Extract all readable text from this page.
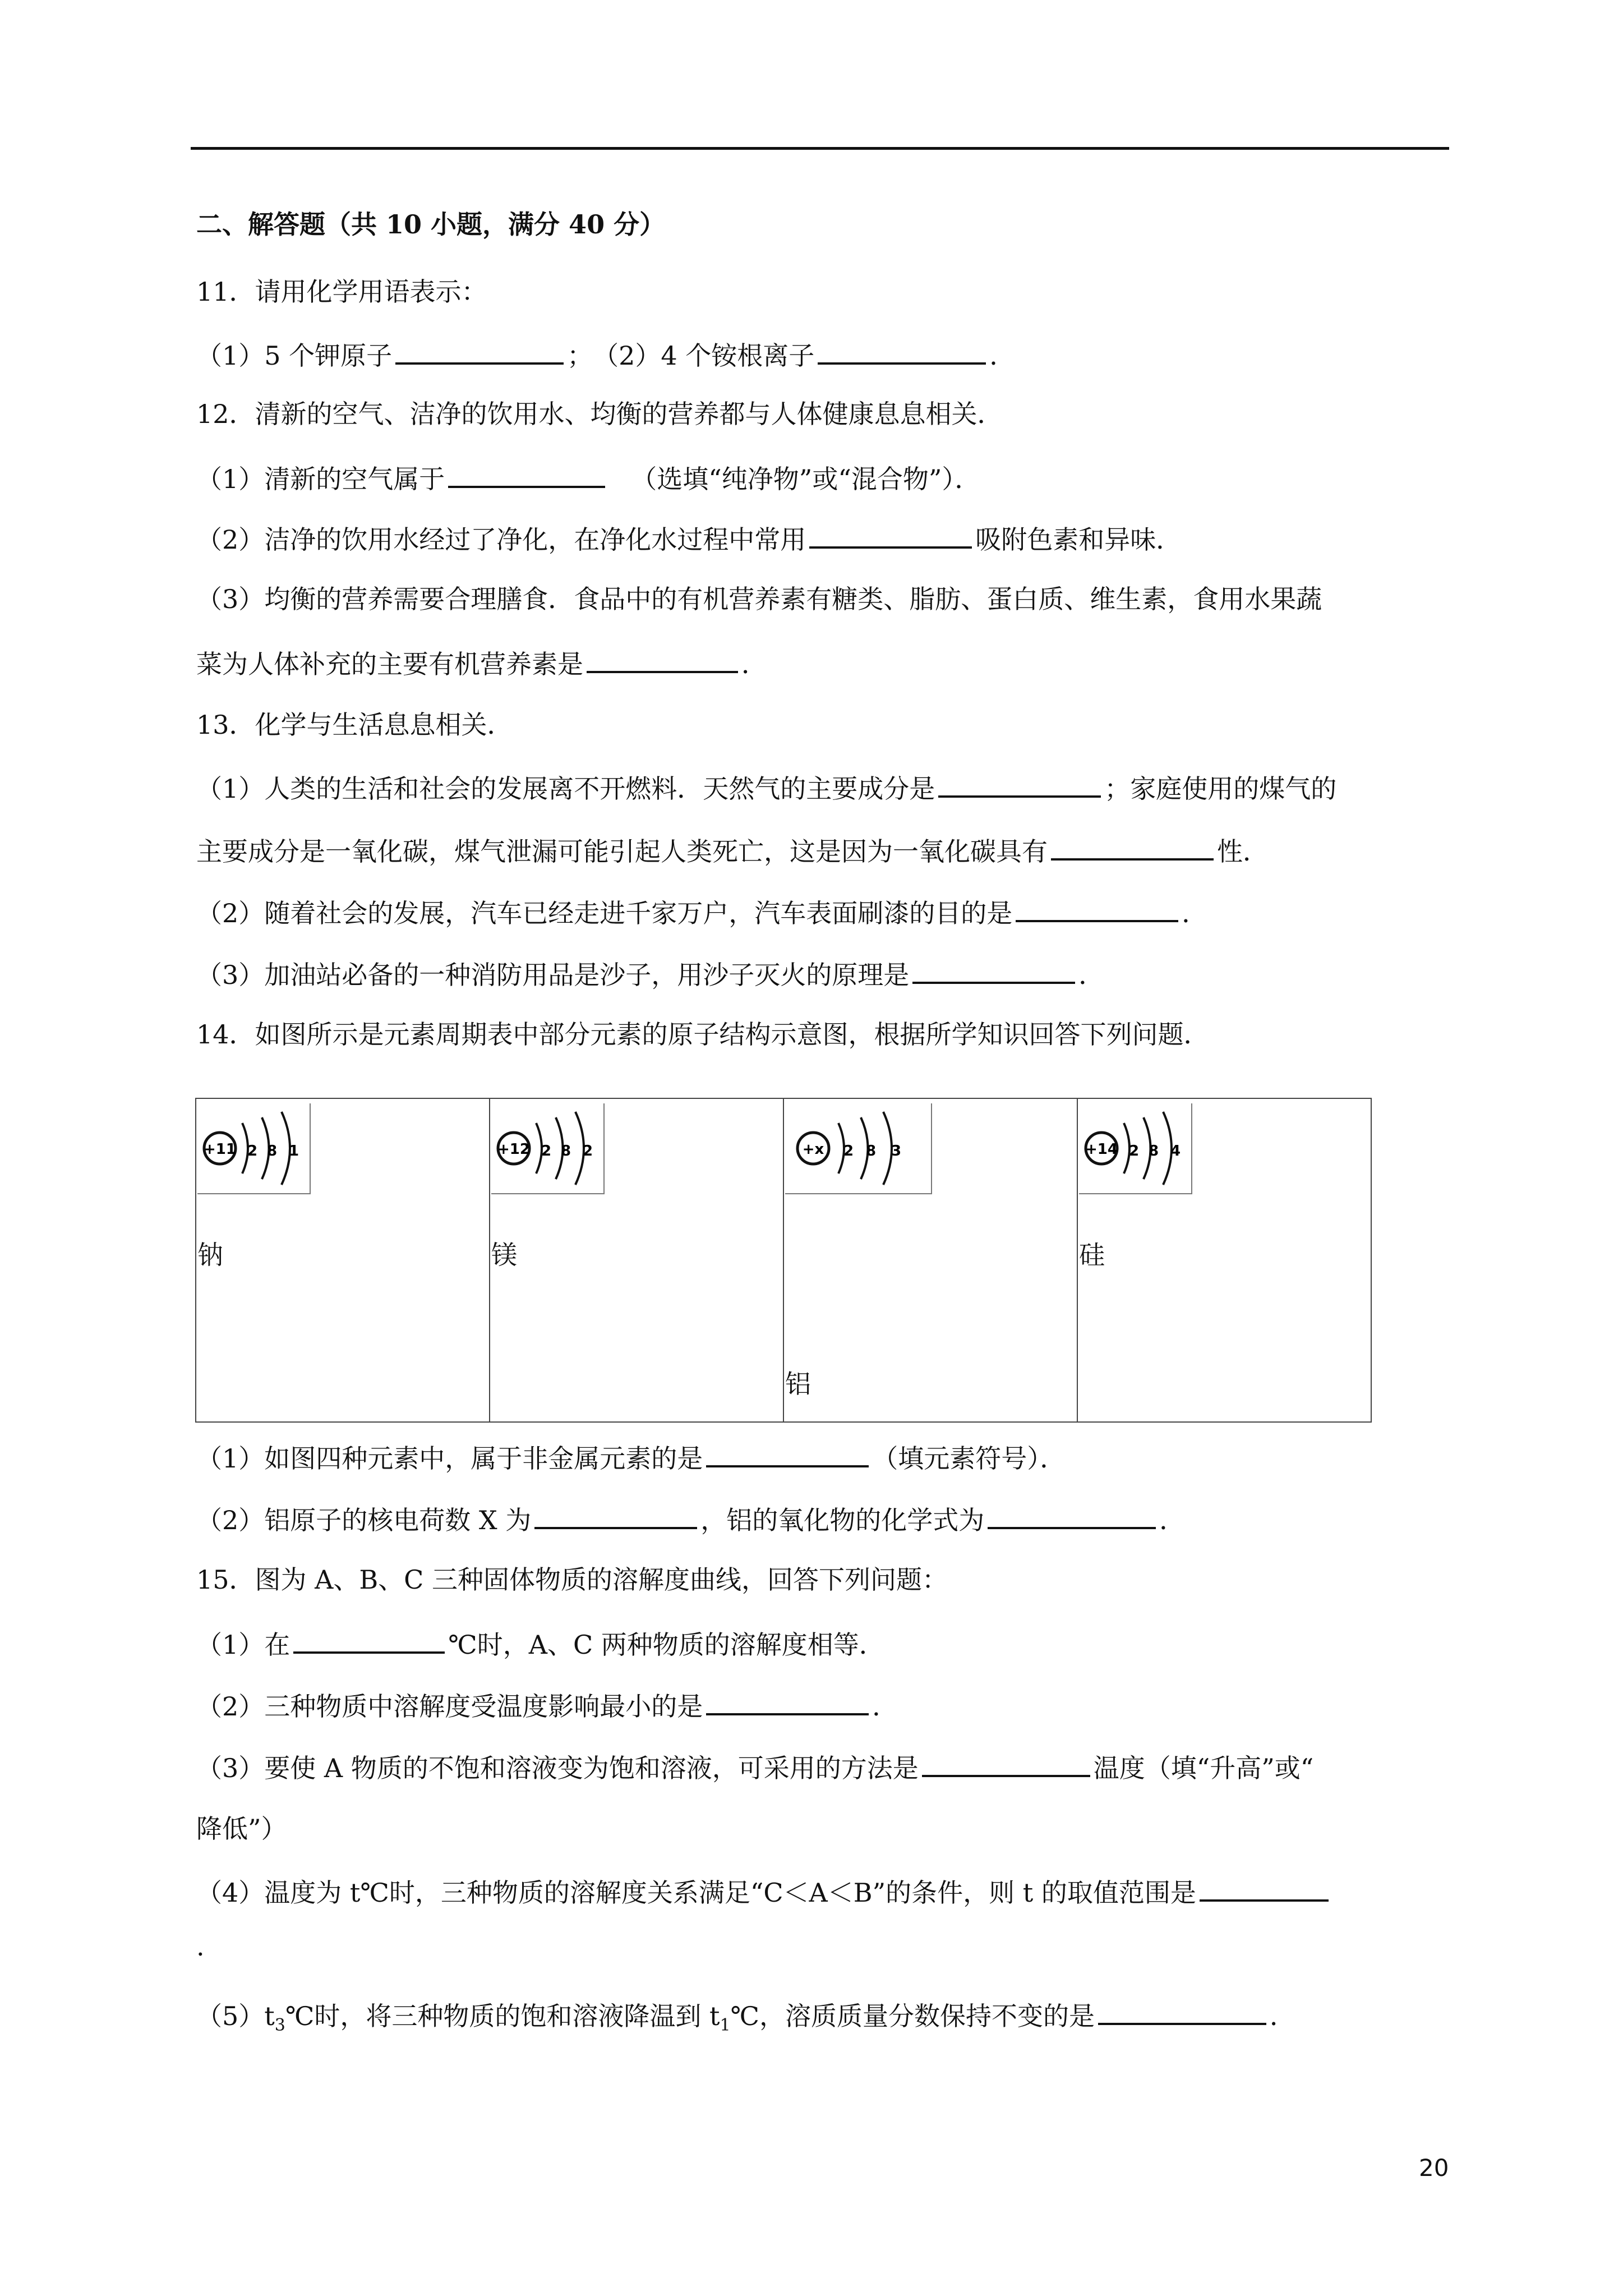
二、解答题（共 10 小题，满分 40 分）
11．请用化学用语表示：
（1）5 个钾原子	；　（2）4 个铵根离子	．
12．清新的空气、洁净的饮用水、均衡的营养都与人体健康息息相关．
（1）清新的空气属于	（选填“纯净物”或“混合物”）．
（2）洁净的饮用水经过了净化，在净化水过程中常用	吸附色素和异味．
（3）均衡的营养需要合理膳食．食品中的有机营养素有糖类、脂肪、蛋白质、维生素，食用水果蔬
菜为人体补充的主要有机营养素是	．
13．化学与生活息息相关．
（1）人类的生活和社会的发展离不开燃料．天然气的主要成分是	；家庭使用的煤气的
主要成分是一氧化碳，煤气泄漏可能引起人类死亡，这是因为一氧化碳具有	性．
（2）随着社会的发展，汽车已经走进千家万户，汽车表面刷漆的目的是	．
（3）加油站必备的一种消防用品是沙子，用沙子灭火的原理是	．
14．如图所示是元素周期表中部分元素的原子结构示意图，根据所学知识回答下列问题．
+11 2 8 1
钠
+12 2 8 2
镁
+x 2 8 3
铝
+14 2 8 4
硅
（1）如图四种元素中，属于非金属元素的是	（填元素符号）．
（2）铝原子的核电荷数 X 为	，铝的氧化物的化学式为	．
15．图为 A、B、C 三种固体物质的溶解度曲线，回答下列问题：
（1）在	℃时，A、C 两种物质的溶解度相等．
（2）三种物质中溶解度受温度影响最小的是	．
（3）要使 A 物质的不饱和溶液变为饱和溶液，可采用的方法是	温度（填“升高”或“
降低”）
（4）温度为 t℃时，三种物质的溶解度关系满足“C＜A＜B”的条件，则 t 的取值范围是
.
$(5)t_3℃$时，将三种物质的饱和溶液降温到 $t_1℃$，溶质质量分数保持不变的是	．
20
